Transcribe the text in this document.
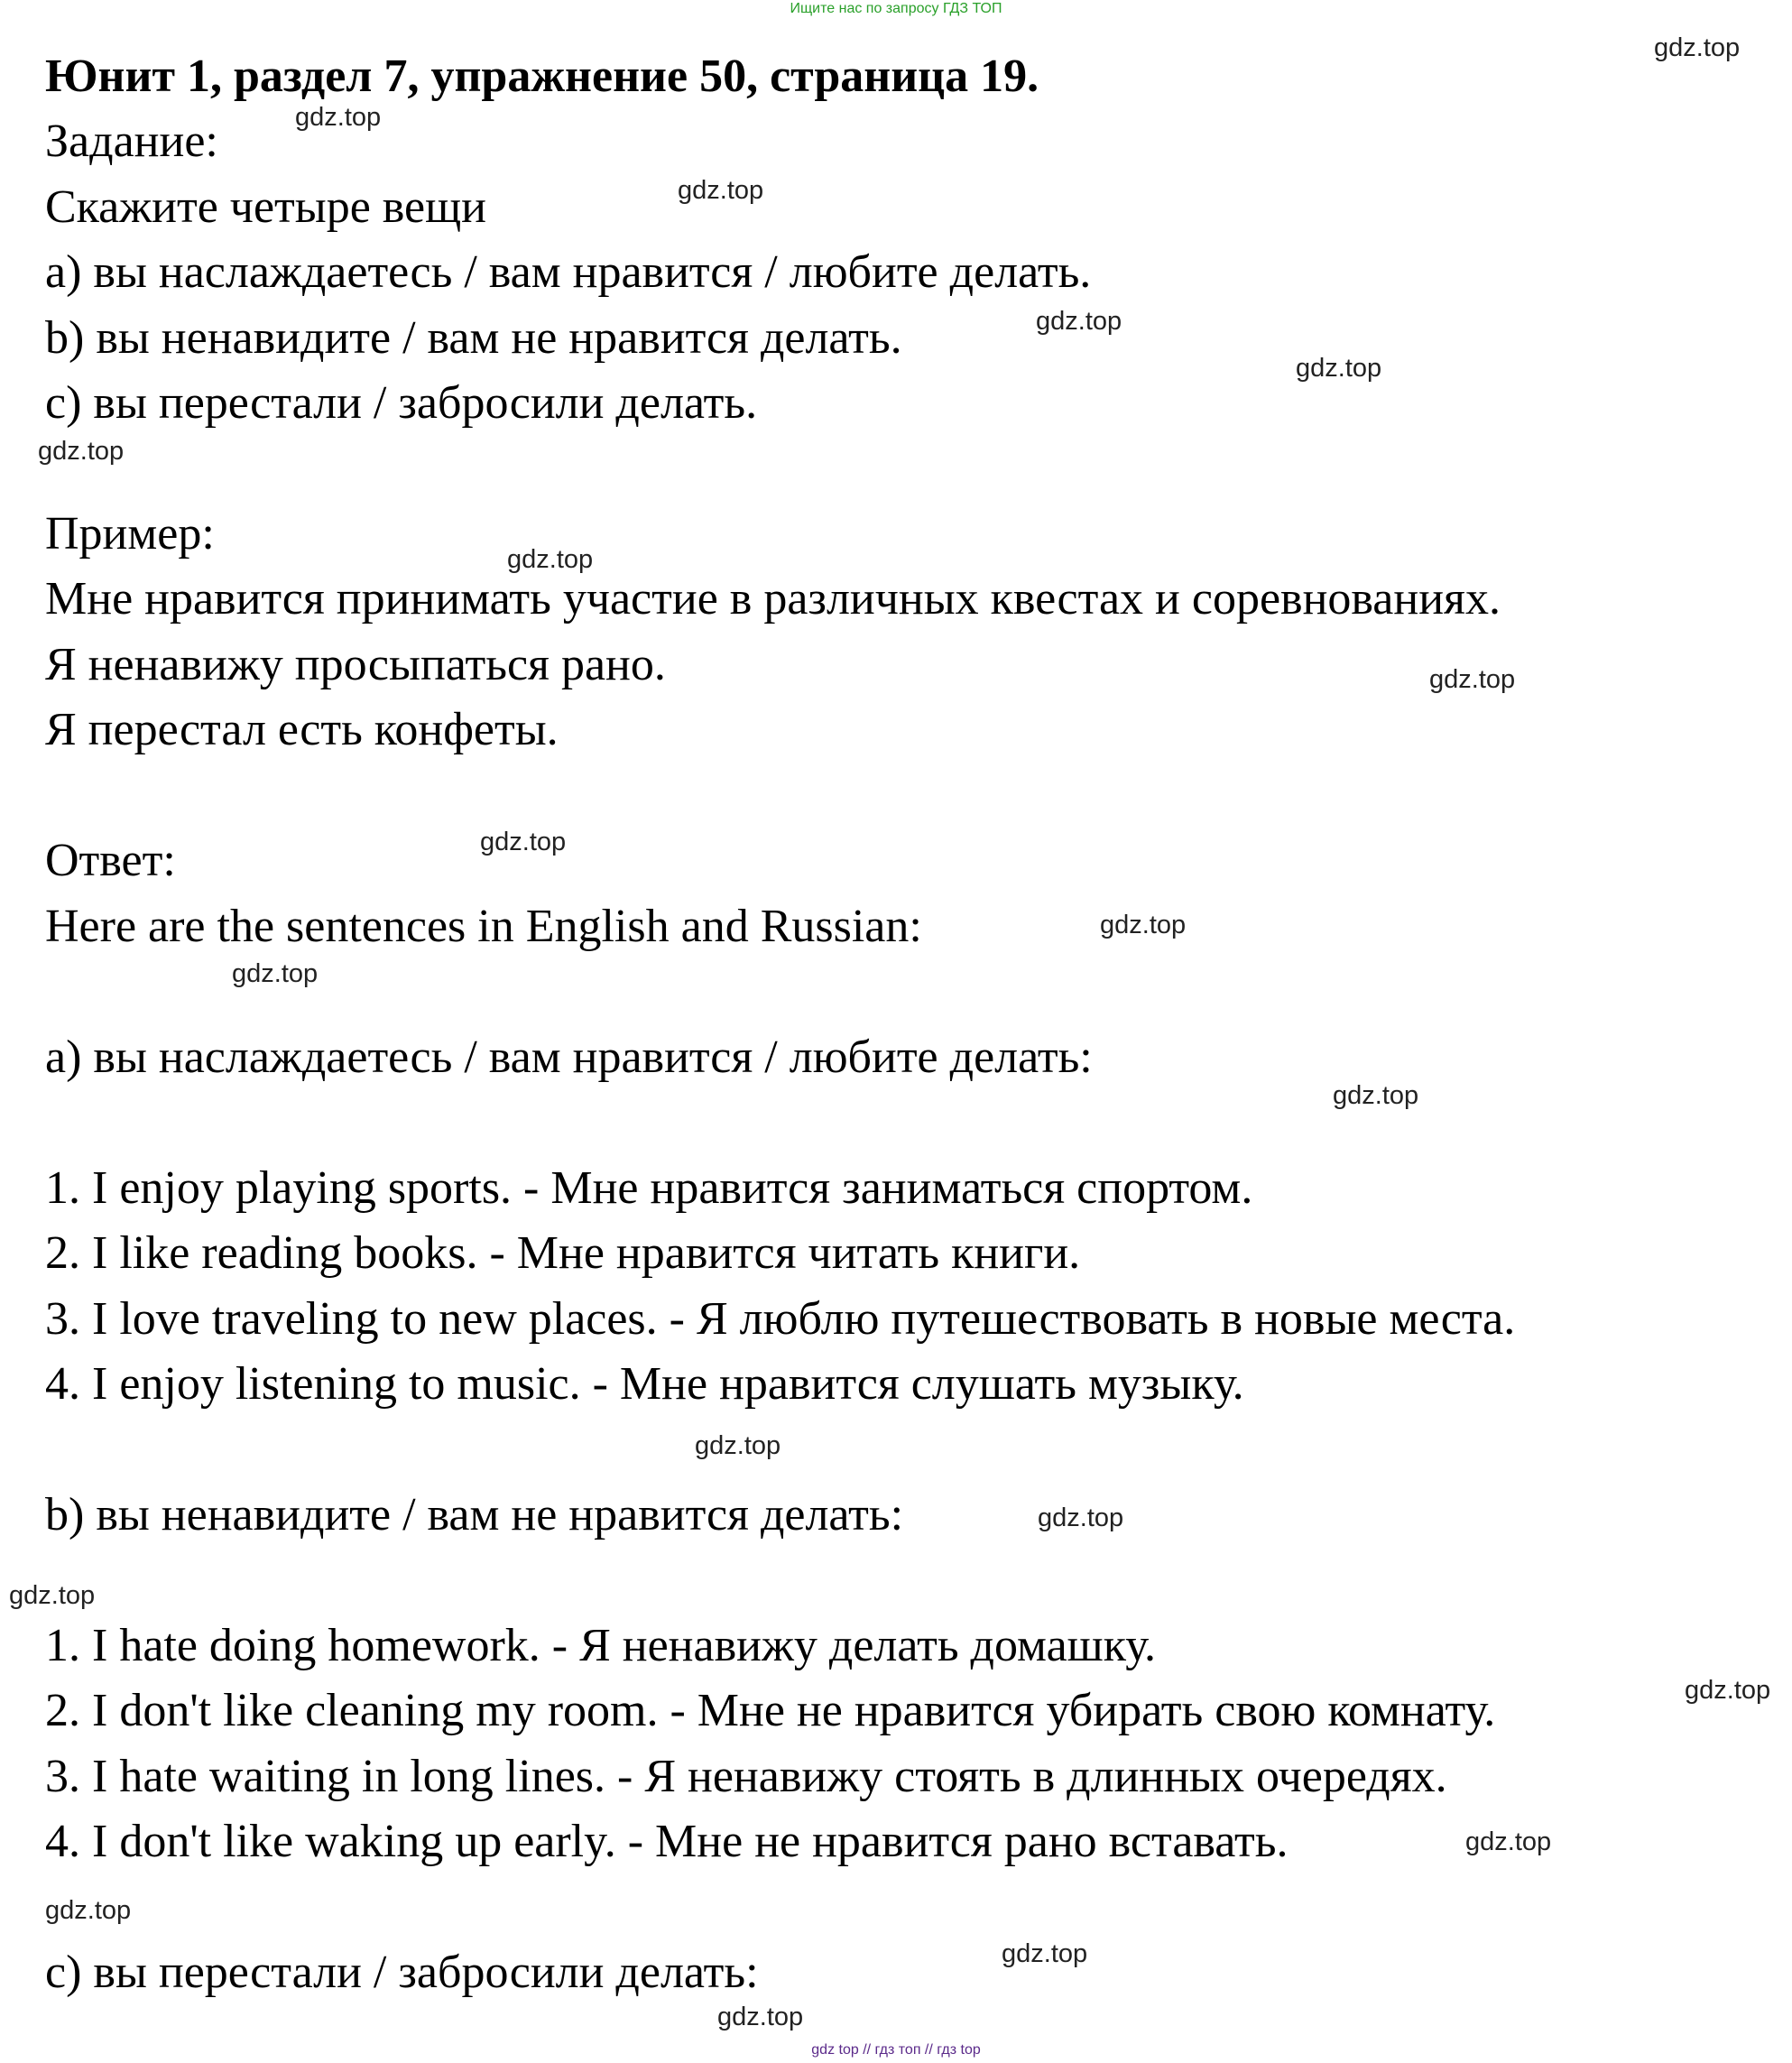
Ищите нас по запросу ГДЗ ТОП
Юнит 1, раздел 7, упражнение 50, страница 19.
Задание:
Скажите четыре вещи
a) вы наслаждаетесь / вам нравится / любите делать.
b) вы ненавидите / вам не нравится делать.
c) вы перестали / забросили делать.
Пример:
Мне нравится принимать участие в различных квестах и соревнованиях.
Я ненавижу просыпаться рано.
Я перестал есть конфеты.
Ответ:
Here are the sentences in English and Russian:
a) вы наслаждаетесь / вам нравится / любите делать:
1. I enjoy playing sports. - Мне нравится заниматься спортом.
2. I like reading books. - Мне нравится читать книги.
3. I love traveling to new places. - Я люблю путешествовать в новые места.
4. I enjoy listening to music. - Мне нравится слушать музыку.
b) вы ненавидите / вам не нравится делать:
1. I hate doing homework. - Я ненавижу делать домашку.
2. I don't like cleaning my room. - Мне не нравится убирать свою комнату.
3. I hate waiting in long lines. - Я ненавижу стоять в длинных очередях.
4. I don't like waking up early. - Мне не нравится рано вставать.
c) вы перестали / забросили делать:
gdz.top
gdz.top
gdz.top
gdz.top
gdz.top
gdz.top
gdz.top
gdz.top
gdz.top
gdz.top
gdz.top
gdz.top
gdz.top
gdz.top
gdz.top
gdz.top
gdz.top
gdz.top
gdz.top
gdz.top
gdz top // гдз топ // гдз top
